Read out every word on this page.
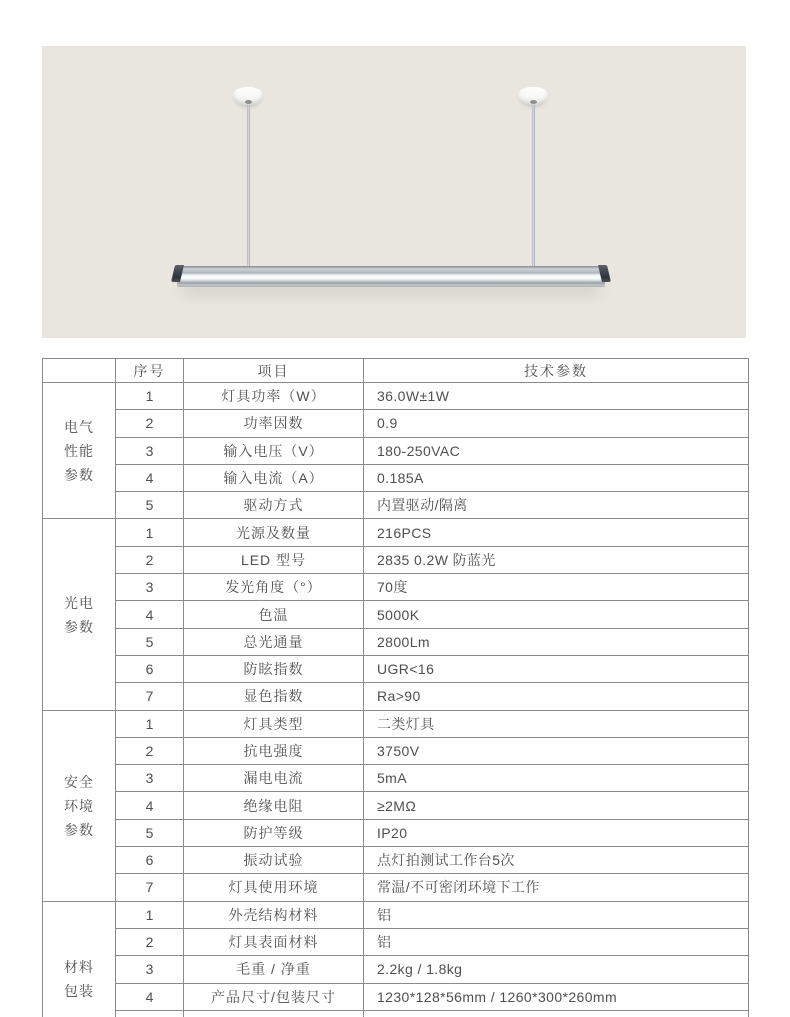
	序号	项目	技术参数

电气
性能
参数	1	灯具功率（W）	36.0W±1W
	2	功率因数	0.9
	3	输入电压（V）	180-250VAC
	4	输入电流（A）	0.185A
	5	驱动方式	内置驱动/隔离

光电
参数	1	光源及数量	216PCS
	2	LED 型号	2835 0.2W 防蓝光
	3	发光角度（°）	70度
	4	色温	5000K
	5	总光通量	2800Lm
	6	防眩指数	UGR<16
	7	显色指数	Ra>90

安全
环境
参数	1	灯具类型	二类灯具
	2	抗电强度	3750V
	3	漏电电流	5mA
	4	绝缘电阻	≥2MΩ
	5	防护等级	IP20
	6	振动试验	点灯拍测试工作台5次
	7	灯具使用环境	常温/不可密闭环境下工作

材料
包装	1	外壳结构材料	铝
	2	灯具表面材料	铝
	3	毛重 / 净重	2.2kg / 1.8kg
	4	产品尺寸/包装尺寸	1230*128*56mm / 1260*300*260mm
